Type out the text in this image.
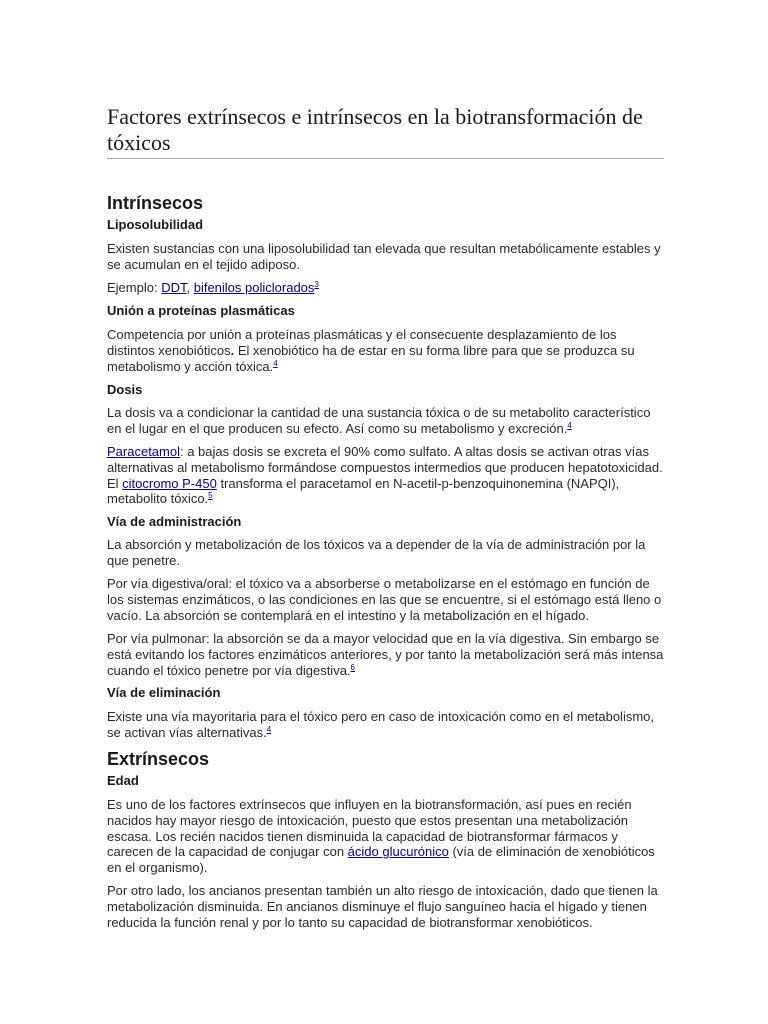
Factores extrínsecos e intrínsecos en la biotransformación de tóxicos
Intrínsecos
Liposolubilidad

Existen sustancias con una liposolubilidad tan elevada que resultan metabólicamente estables y se acumulan en el tejido adiposo.

Ejemplo: DDT, bifenilos policlorados$^3$

Unión a proteínas plasmáticas

Competencia por unión a proteínas plasmáticas y el consecuente desplazamiento de los distintos xenobióticos. El xenobiótico ha de estar en su forma libre para que se produzca su metabolismo y acción tóxica.$^4$

Dosis

La dosis va a condicionar la cantidad de una sustancia tóxica o de su metabolito característico en el lugar en el que producen su efecto. Así como su metabolismo y excreción.$^4$

Paracetamol: a bajas dosis se excreta el 90% como sulfato. A altas dosis se activan otras vías alternativas al metabolismo formándose compuestos intermedios que producen hepatotoxicidad. El citocromo P-450 transforma el paracetamol en N-acetil-p-benzoquinonemina (NAPQI), metabolito tóxico.$^5$

Vía de administración

La absorción y metabolización de los tóxicos va a depender de la vía de administración por la que penetre.

Por vía digestiva/oral: el tóxico va a absorberse o metabolizarse en el estómago en función de los sistemas enzimáticos, o las condiciones en las que se encuentre, si el estómago está lleno o vacío. La absorción se contemplará en el intestino y la metabolización en el hígado.

Por vía pulmonar: la absorción se da a mayor velocidad que en la vía digestiva. Sin embargo se está evitando los factores enzimáticos anteriores, y por tanto la metabolización será más intensa cuando el tóxico penetre por vía digestiva.$^6$

Vía de eliminación

Existe una vía mayoritaria para el tóxico pero en caso de intoxicación como en el metabolismo, se activan vías alternativas.$^4$

Extrínsecos
Edad

Es uno de los factores extrínsecos que influyen en la biotransformación, así pues en recién nacidos hay mayor riesgo de intoxicación, puesto que estos presentan una metabolización escasa. Los recién nacidos tienen disminuida la capacidad de biotransformar fármacos y carecen de la capacidad de conjugar con ácido glucurónico (vía de eliminación de xenobióticos en el organismo).

Por otro lado, los ancianos presentan también un alto riesgo de intoxicación, dado que tienen la metabolización disminuida. En ancianos disminuye el flujo sanguíneo hacia el hígado y tienen reducida la función renal y por lo tanto su capacidad de biotransformar xenobióticos.
